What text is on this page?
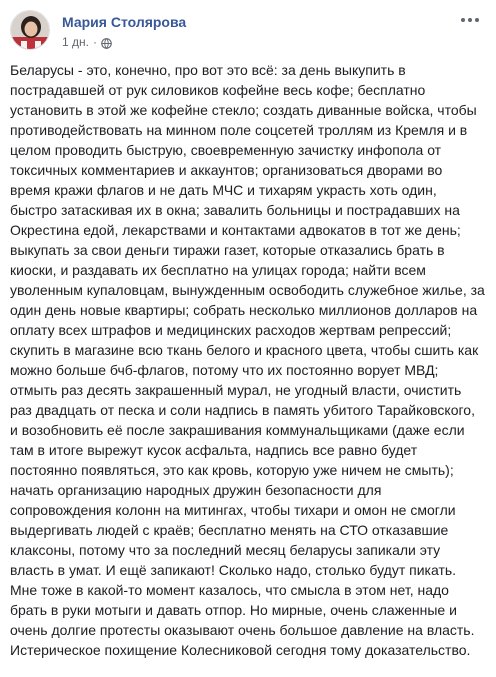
Мария Столярова
1 дн. ·
Беларусы - это, конечно, про вот это всё: за день выкупить в пострадавшей от рук силовиков кофейне весь кофе; бесплатно установить в этой же кофейне стекло; создать диванные войска, чтобы противодействовать на минном поле соцсетей троллям из Кремля и в целом проводить быструю, своевременную зачистку инфопола от токсичных комментариев и аккаунтов; организоваться дворами во время кражи флагов и не дать МЧС и тихарям украсть хоть один, быстро затаскивая их в окна; завалить больницы и пострадавших на Окрестина едой, лекарствами и контактами адвокатов в тот же день; выкупать за свои деньги тиражи газет, которые отказались брать в киоски, и раздавать их бесплатно на улицах города; найти всем уволенным купаловцам, вынужденным освободить служебное жилье, за один день новые квартиры; собрать несколько миллионов долларов на оплату всех штрафов и медицинских расходов жертвам репрессий; скупить в магазине всю ткань белого и красного цвета, чтобы сшить как можно больше бчб-флагов, потому что их постоянно ворует МВД; отмыть раз десять закрашенный мурал, не угодный власти, очистить раз двадцать от песка и соли надпись в память убитого Тарайковского, и возобновить её после закрашивания коммунальщиками (даже если там в итоге вырежут кусок асфальта, надпись все равно будет постоянно появляться, это как кровь, которую уже ничем не смыть); начать организацию народных дружин безопасности для сопровождения колонн на митингах, чтобы тихари и омон не смогли выдергивать людей с краёв; бесплатно менять на СТО отказавшие клаксоны, потому что за последний месяц беларусы запикали эту власть в умат. И ещё запикают! Сколько надо, столько будут пикать. Мне тоже в какой-то момент казалось, что смысла в этом нет, надо брать в руки мотыги и давать отпор. Но мирные, очень слаженные и очень долгие протесты оказывают очень большое давление на власть. Истерическое похищение Колесниковой сегодня тому доказательство.
